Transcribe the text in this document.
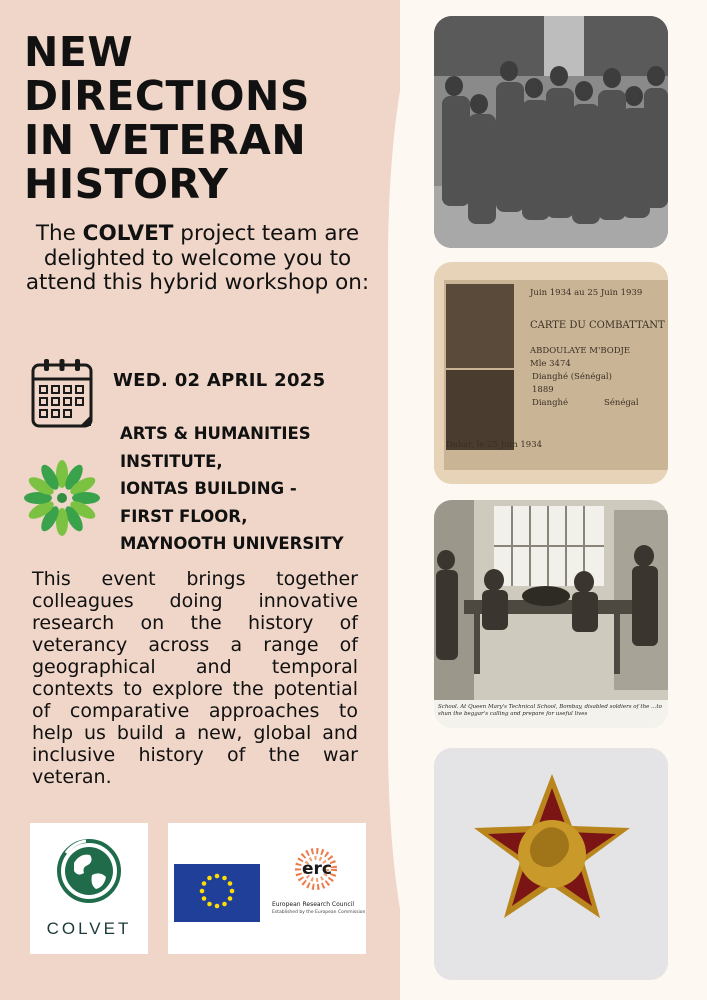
NEW
DIRECTIONS
IN VETERAN
HISTORY
The COLVET project team are delighted to welcome you to attend this hybrid workshop on:
WED. 02 APRIL 2025
ARTS & HUMANITIES
INSTITUTE,
IONTAS BUILDING -
FIRST FLOOR,
MAYNOOTH UNIVERSITY
This event brings together colleagues doing innovative research on the history of veterancy across a range of geographical and temporal contexts to explore the potential of comparative approaches to help us build a new, global and inclusive history of the war veteran.
COLVET
erc
European Research Council
Established by the European Commission
Juin 1934 au 25 Juin 1939
CARTE DU COMBATTANT
ABDOULAYE M'BODJE
Mle 3474
Dianghé (Sénégal)
1889
Dianghé	Sénégal
Dakar, le 25 Juin 1934
School. At Queen Mary's Technical School, Bombay, disabled soldiers of the ...to shun the beggar's calling and prepare for useful lives
